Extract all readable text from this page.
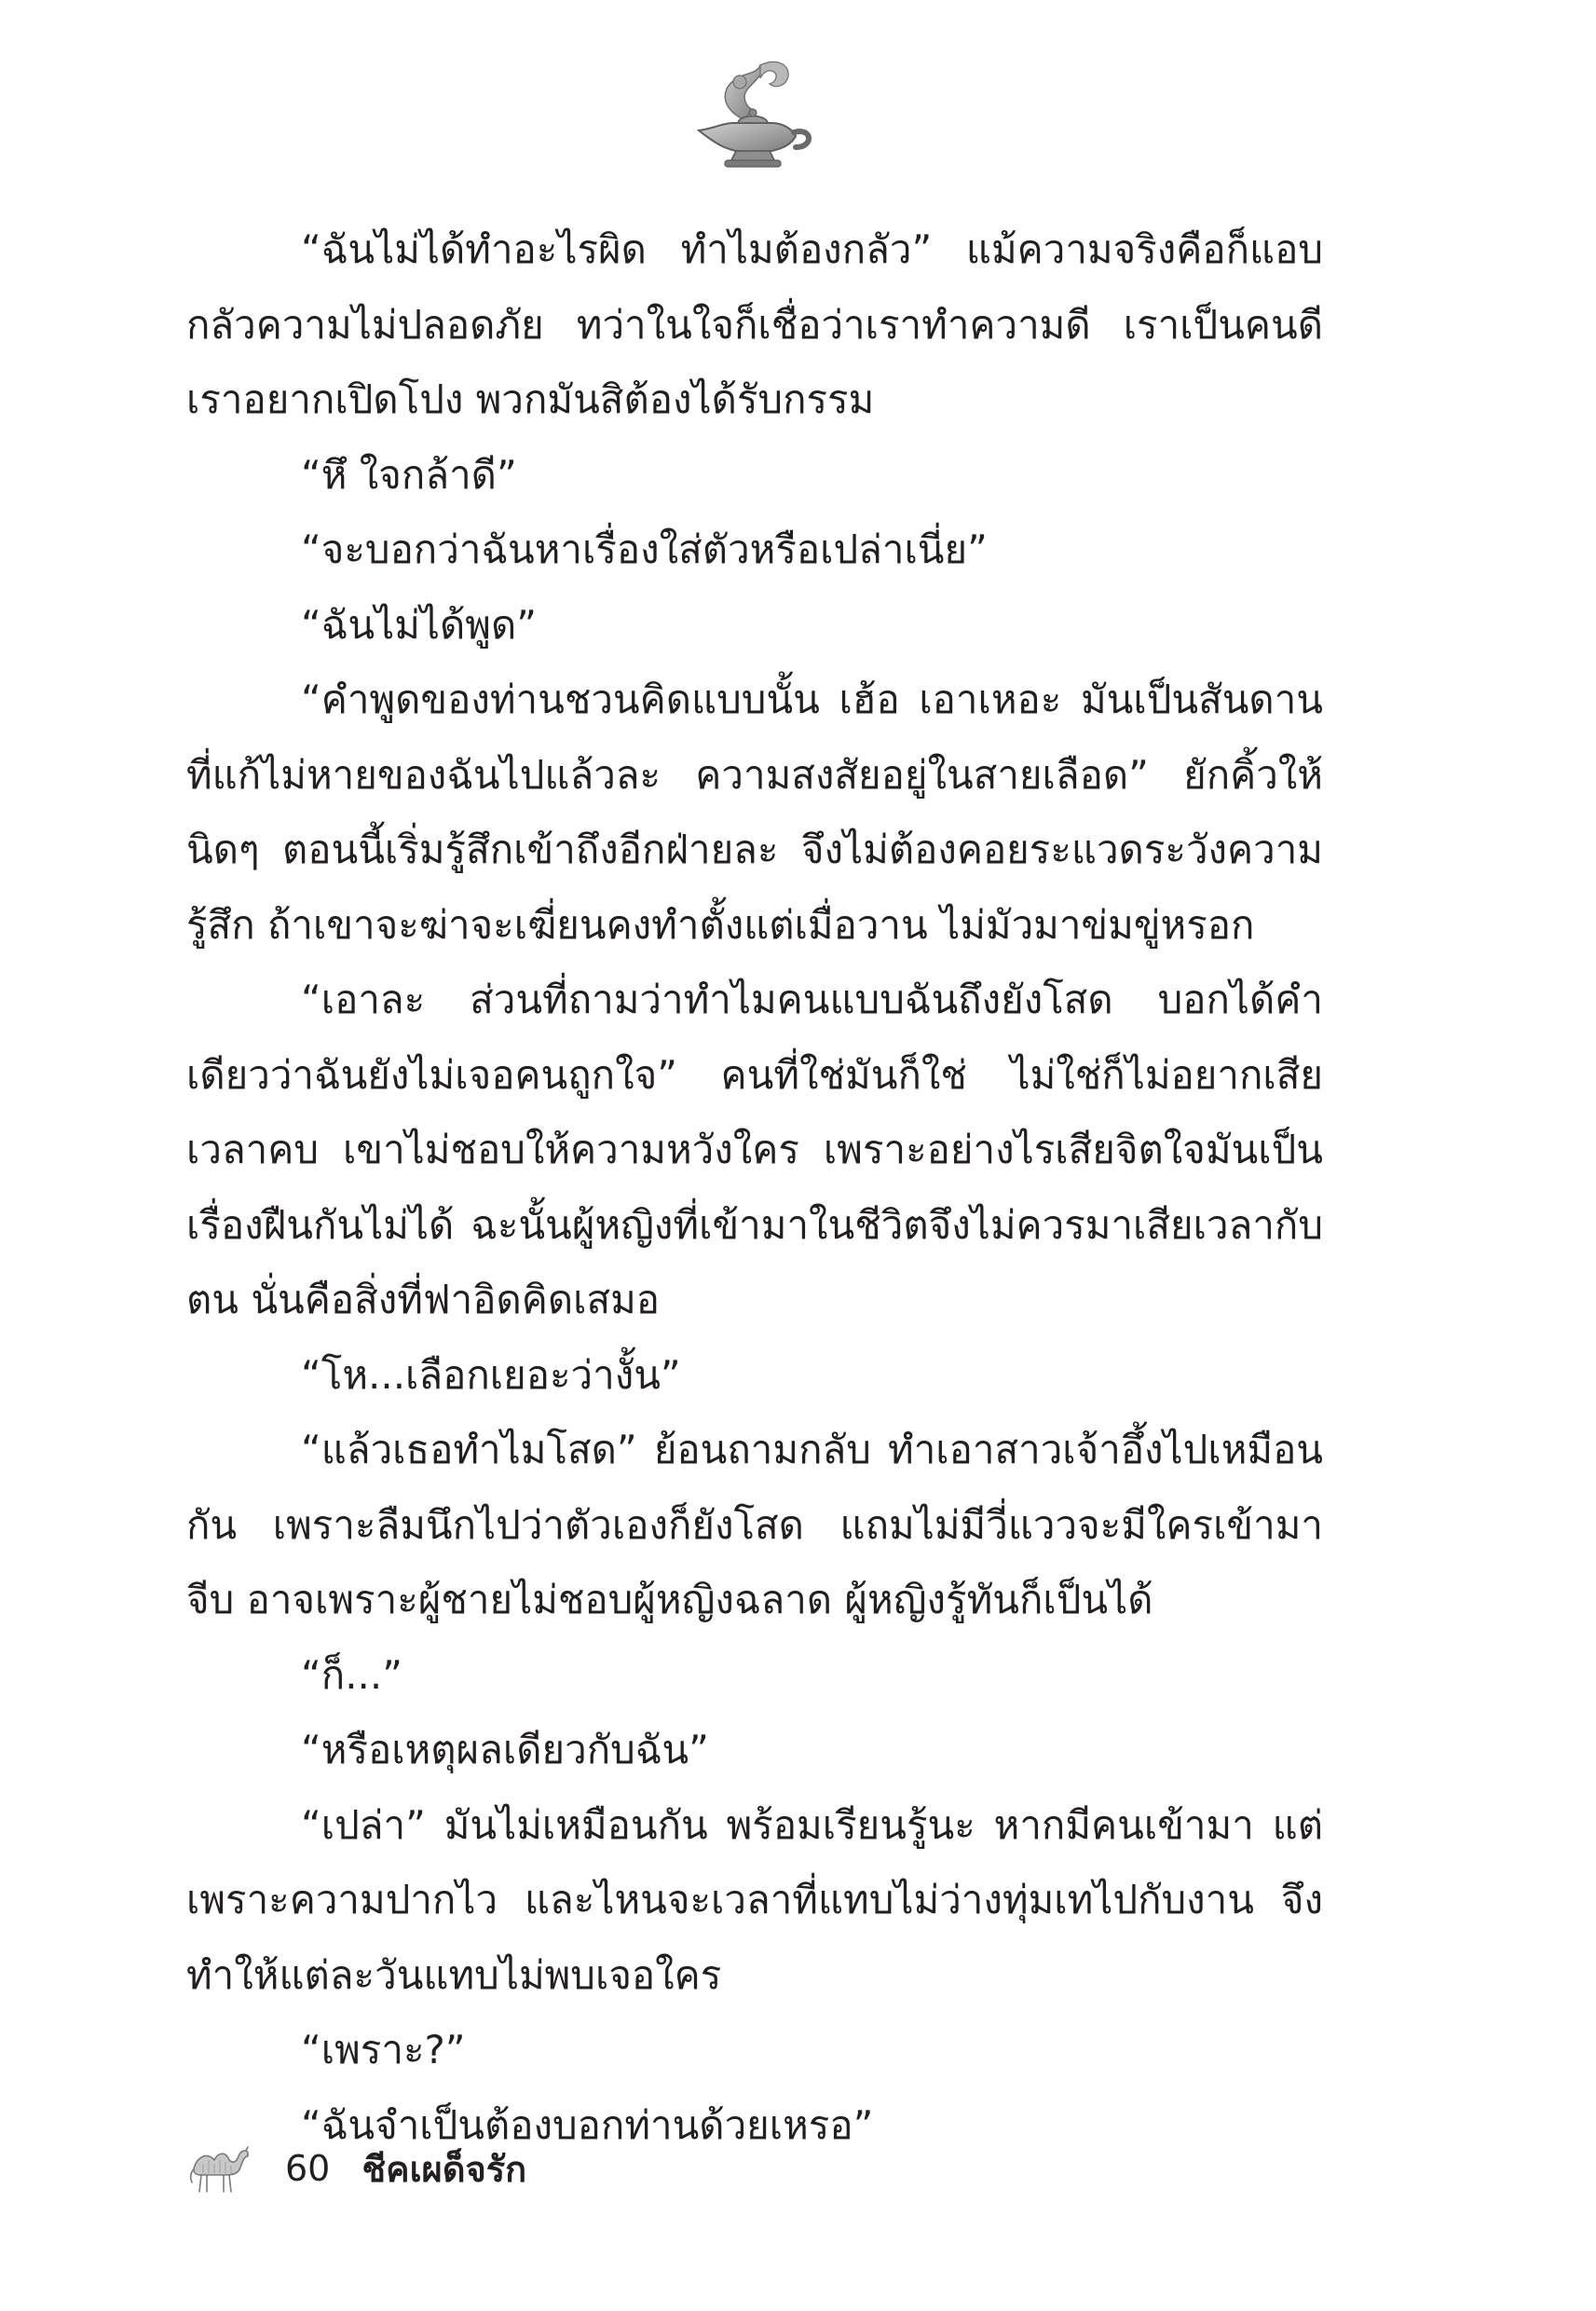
“ฉันไม่ได้ทำอะไรผิด ทำไมต้องกลัว” แม้ความจริงคือก็แอบกลัวความไม่ปลอดภัย ทว่าในใจก็เชื่อว่าเราทำความดี เราเป็นคนดี เราอยากเปิดโปง พวกมันสิต้องได้รับกรรม

“หึ ใจกล้าดี”

“จะบอกว่าฉันหาเรื่องใส่ตัวหรือเปล่าเนี่ย”

“ฉันไม่ได้พูด”

“คำพูดของท่านชวนคิดแบบนั้น เฮ้อ เอาเหอะ มันเป็นสันดานที่แก้ไม่หายของฉันไปแล้วละ ความสงสัยอยู่ในสายเลือด” ยักคิ้วให้นิดๆ ตอนนี้เริ่มรู้สึกเข้าถึงอีกฝ่ายละ จึงไม่ต้องคอยระแวดระวังความรู้สึก ถ้าเขาจะฆ่าจะเฆี่ยนคงทำตั้งแต่เมื่อวาน ไม่มัวมาข่มขู่หรอก

“เอาละ ส่วนที่ถามว่าทำไมคนแบบฉันถึงยังโสด บอกได้คำเดียวว่าฉันยังไม่เจอคนถูกใจ” คนที่ใช่มันก็ใช่ ไม่ใช่ก็ไม่อยากเสียเวลาคบ เขาไม่ชอบให้ความหวังใคร เพราะอย่างไรเสียจิตใจมันเป็นเรื่องฝืนกันไม่ได้ ฉะนั้นผู้หญิงที่เข้ามาในชีวิตจึงไม่ควรมาเสียเวลากับตน นั่นคือสิ่งที่ฟาอิดคิดเสมอ

“โห...เลือกเยอะว่างั้น”

“แล้วเธอทำไมโสด” ย้อนถามกลับ ทำเอาสาวเจ้าอึ้งไปเหมือนกัน เพราะลืมนึกไปว่าตัวเองก็ยังโสด แถมไม่มีวี่แววจะมีใครเข้ามาจีบ อาจเพราะผู้ชายไม่ชอบผู้หญิงฉลาด ผู้หญิงรู้ทันก็เป็นได้

“ก็...”

“หรือเหตุผลเดียวกับฉัน”

“เปล่า” มันไม่เหมือนกัน พร้อมเรียนรู้นะ หากมีคนเข้ามา แต่เพราะความปากไว และไหนจะเวลาที่แทบไม่ว่างทุ่มเทไปกับงาน จึงทำให้แต่ละวันแทบไม่พบเจอใคร

“เพราะ?”

“ฉันจำเป็นต้องบอกท่านด้วยเหรอ”

60 ชีคเผด็จรัก
